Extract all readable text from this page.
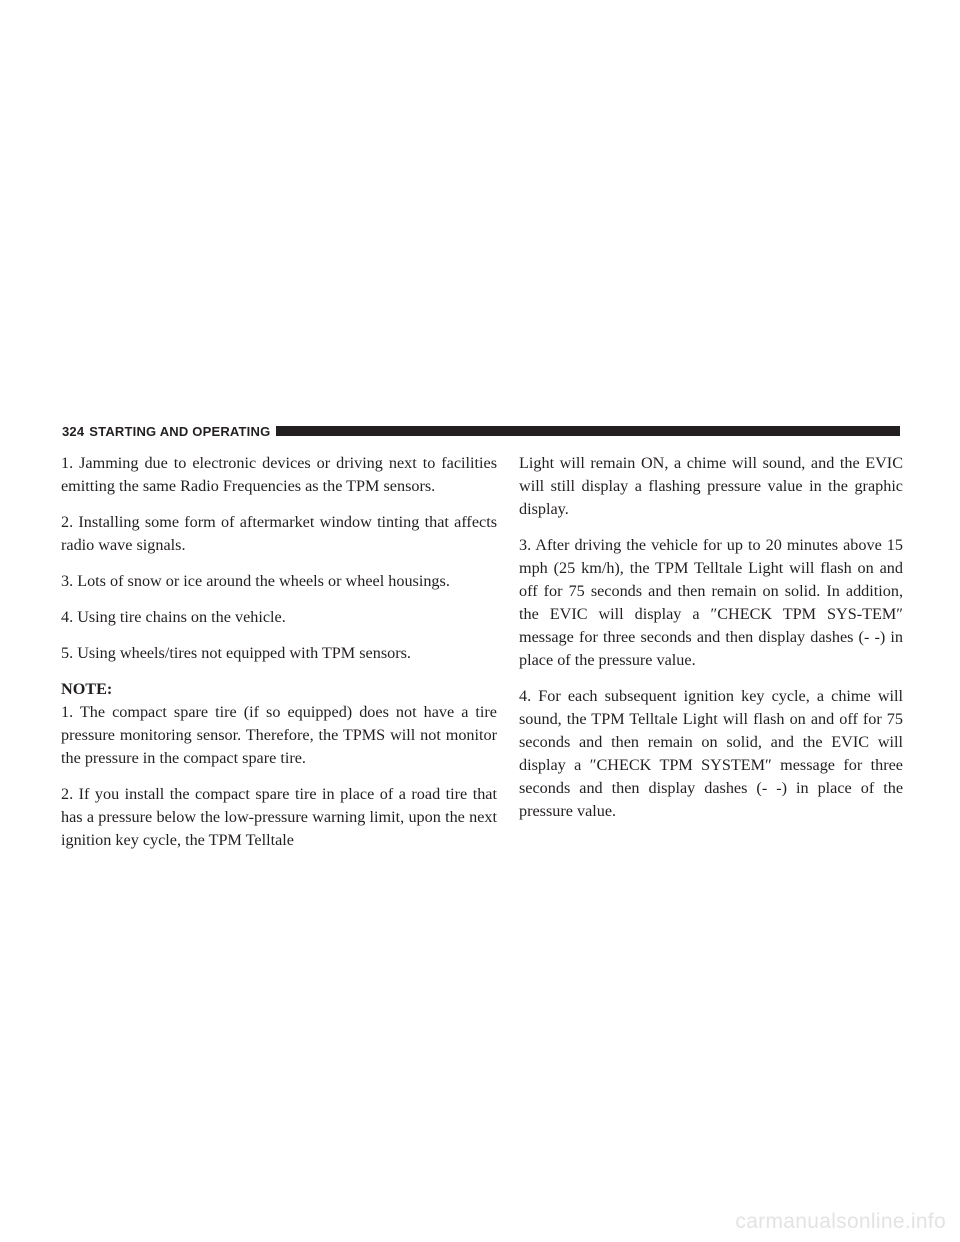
324 STARTING AND OPERATING

1. Jamming due to electronic devices or driving next to facilities emitting the same Radio Frequencies as the TPM sensors.

2. Installing some form of aftermarket window tinting that affects radio wave signals.

3. Lots of snow or ice around the wheels or wheel housings.

4. Using tire chains on the vehicle.

5. Using wheels/tires not equipped with TPM sensors.

NOTE:

1. The compact spare tire (if so equipped) does not have a tire pressure monitoring sensor. Therefore, the TPMS will not monitor the pressure in the compact spare tire.

2. If you install the compact spare tire in place of a road tire that has a pressure below the low-pressure warning limit, upon the next ignition key cycle, the TPM Telltale

Light will remain ON, a chime will sound, and the EVIC will still display a flashing pressure value in the graphic display.

3. After driving the vehicle for up to 20 minutes above 15 mph (25 km/h), the TPM Telltale Light will flash on and off for 75 seconds and then remain on solid. In addition, the EVIC will display a ″CHECK TPM SYS-TEM″ message for three seconds and then display dashes (- -) in place of the pressure value.

4. For each subsequent ignition key cycle, a chime will sound, the TPM Telltale Light will flash on and off for 75 seconds and then remain on solid, and the EVIC will display a ″CHECK TPM SYSTEM″ message for three seconds and then display dashes (- -) in place of the pressure value.

carmanualsonline.info
